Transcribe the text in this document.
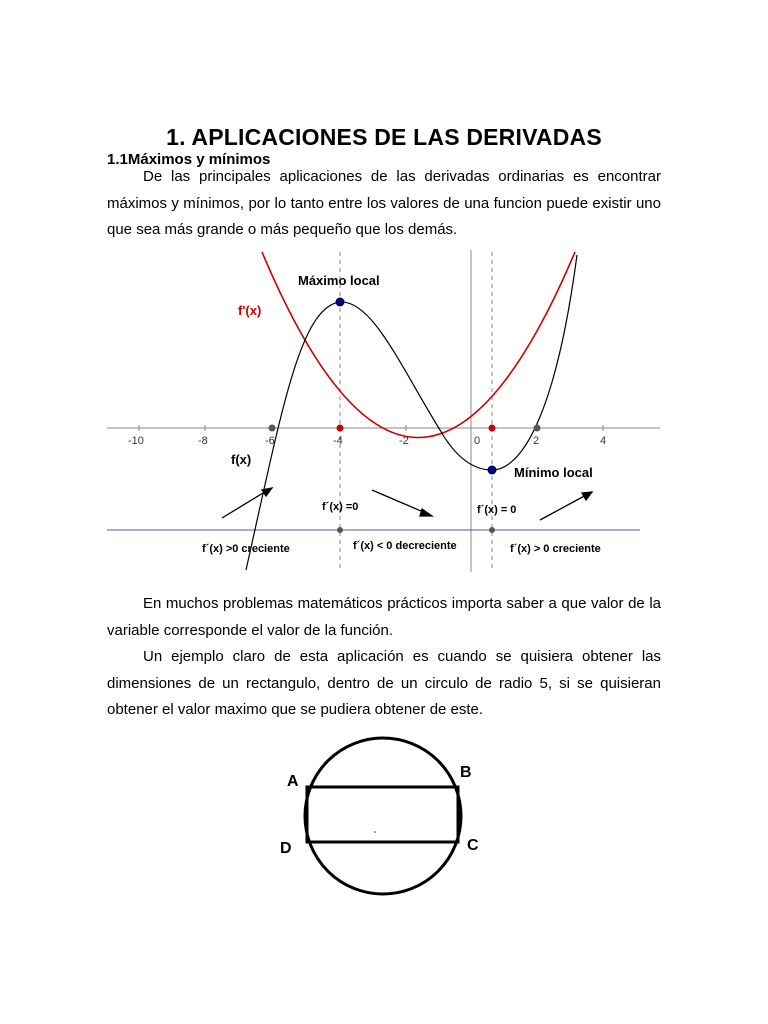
1. APLICACIONES DE LAS DERIVADAS
1.1Máximos y mínimos
De las principales aplicaciones de las derivadas ordinarias es encontrar máximos y mínimos, por lo tanto entre los valores de una funcion puede existir uno que sea más grande o más pequeño que los demás.
-10	-8	-6	-4	-2	0	2	4
Máximo local
Mínimo local
f'(x)
f(x)
f´(x) =0	f´(x) = 0
f´(x) >0 creciente	f´(x) < 0 decreciente	f´(x) > 0 creciente
En muchos problemas matemáticos prácticos importa saber a que valor de la variable corresponde el valor de la función.
Un ejemplo claro de esta aplicación es cuando se quisiera obtener las dimensiones de un rectangulo, dentro de un circulo de radio 5, si se quisieran obtener el valor maximo que se pudiera obtener de este.
A
B
C
D
